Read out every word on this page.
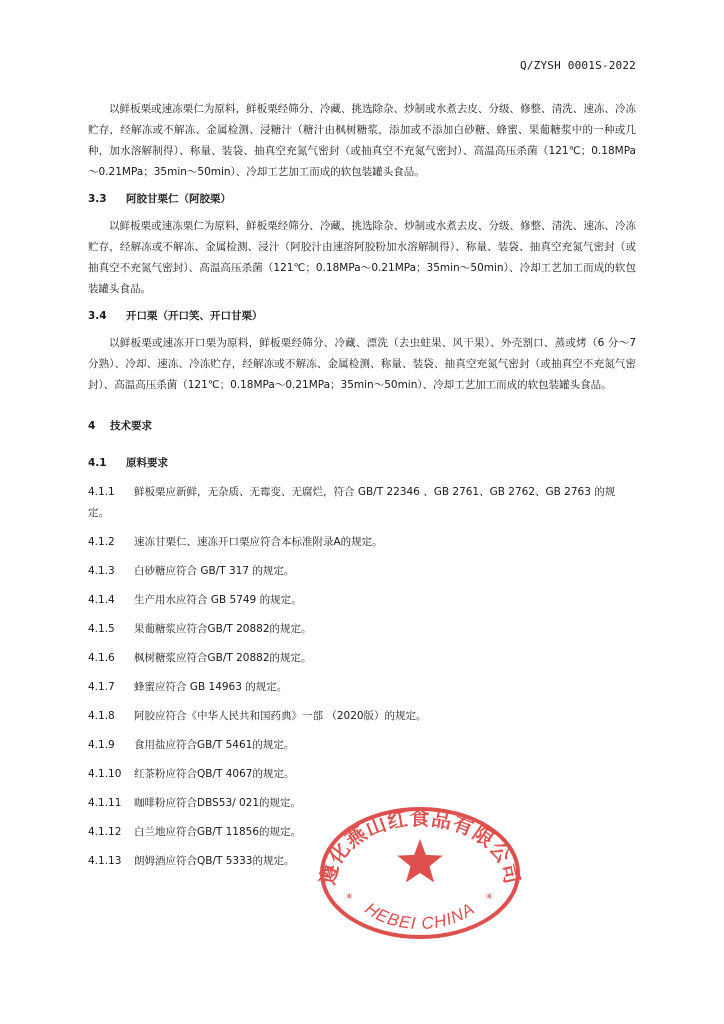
Q/ZYSH 0001S-2022

以鲜板栗或速冻栗仁为原料，鲜板栗经筛分、冷藏、挑选除杂、炒制或水煮去皮、分级、修整、清洗、速冻、冷冻贮存，经解冻或不解冻、金属检测、浸糖汁（糖汁由枫树糖浆，添加或不添加白砂糖、蜂蜜、果葡糖浆中的一种或几种，加水溶解制得）、称量、装袋、抽真空充氮气密封（或抽真空不充氮气密封）、高温高压杀菌（121℃；0.18MPa～0.21MPa；35min～50min）、冷却工艺加工而成的软包装罐头食品。

3.3 阿胶甘栗仁（阿胶栗）

以鲜板栗或速冻栗仁为原料，鲜板栗经筛分、冷藏、挑选除杂、炒制或水煮去皮、分级、修整、清洗、速冻、冷冻贮存，经解冻或不解冻、金属检测、浸汁（阿胶汁由速溶阿胶粉加水溶解制得）、称量、装袋、抽真空充氮气密封（或抽真空不充氮气密封）、高温高压杀菌（121℃；0.18MPa～0.21MPa；35min～50min）、冷却工艺加工而成的软包装罐头食品。

3.4 开口栗（开口笑、开口甘栗）

以鲜板栗或速冻开口栗为原料，鲜板栗经筛分、冷藏、漂洗（去虫蛀果、风干果）、外壳割口、蒸或烤（6 分～7 分熟）、冷却、速冻、冷冻贮存，经解冻或不解冻、金属检测、称量、装袋、抽真空充氮气密封（或抽真空不充氮气密封）、高温高压杀菌（121℃；0.18MPa～0.21MPa；35min～50min）、冷却工艺加工而成的软包装罐头食品。

4 技术要求
4.1 原料要求
4.1.1 鲜板栗应新鲜，无杂质、无霉变、无腐烂，符合 GB/T 22346 、GB 2761、GB 2762、GB 2763 的规定。
4.1.2 速冻甘栗仁、速冻开口栗应符合本标准附录A的规定。
4.1.3 白砂糖应符合 GB/T 317 的规定。
4.1.4 生产用水应符合 GB 5749 的规定。
4.1.5 果葡糖浆应符合GB/T 20882的规定。
4.1.6 枫树糖浆应符合GB/T 20882的规定。
4.1.7 蜂蜜应符合 GB 14963 的规定。
4.1.8 阿胶应符合《中华人民共和国药典》一部 （2020版）的规定。
4.1.9 食用盐应符合GB/T 5461的规定。
4.1.10 红茶粉应符合QB/T 4067的规定。
4.1.11 咖啡粉应符合DBS53/ 021的规定。
4.1.12 白兰地应符合GB/T 11856的规定。
4.1.13 朗姆酒应符合QB/T 5333的规定。
遵化燕山红食品有限公司
HEBEI CHINA
*	*
